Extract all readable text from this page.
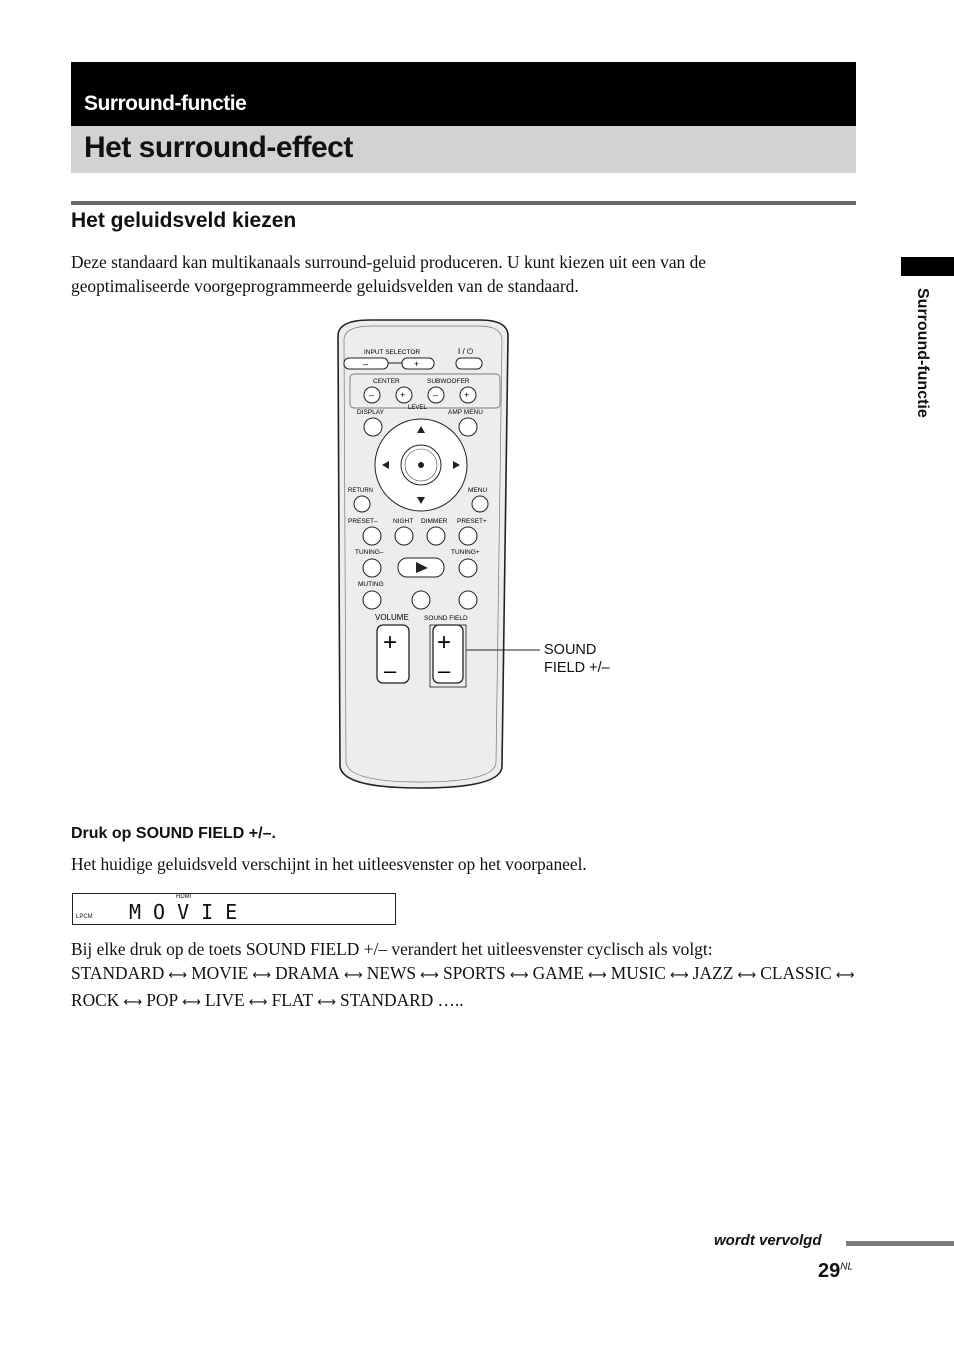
Surround-functie
Het surround-effect
Het geluidsveld kiezen
Deze standaard kan multikanaals surround-geluid produceren. U kunt kiezen uit een van de geoptimaliseerde voorgeprogrammeerde geluidsvelden van de standaard.
Surround-functie
INPUT SELECTOR	I / ⏻
–	+
CENTER	SUBWOOFER
–	+	–	+
LEVEL
DISPLAY	AMP MENU
RETURN	MENU
PRESET– NIGHT DIMMER PRESET+
TUNING–	TUNING+
MUTING
VOLUME SOUND FIELD
+
–
+
–
SOUND
FIELD +/–
Druk op SOUND FIELD +/–.
Het huidige geluidsveld verschijnt in het uitleesvenster op het voorpaneel.
HDMI
LPCM MOVIE
Bij elke druk op de toets SOUND FIELD +/– verandert het uitleesvenster cyclisch als volgt:
STANDARD ⟷ MOVIE ⟷ DRAMA ⟷ NEWS ⟷ SPORTS ⟷ GAME ⟷ MUSIC ⟷ JAZZ ⟷ CLASSIC ⟷ ROCK ⟷ POP ⟷ LIVE ⟷ FLAT ⟷ STANDARD …..
wordt vervolgd
$29^{NL}$
